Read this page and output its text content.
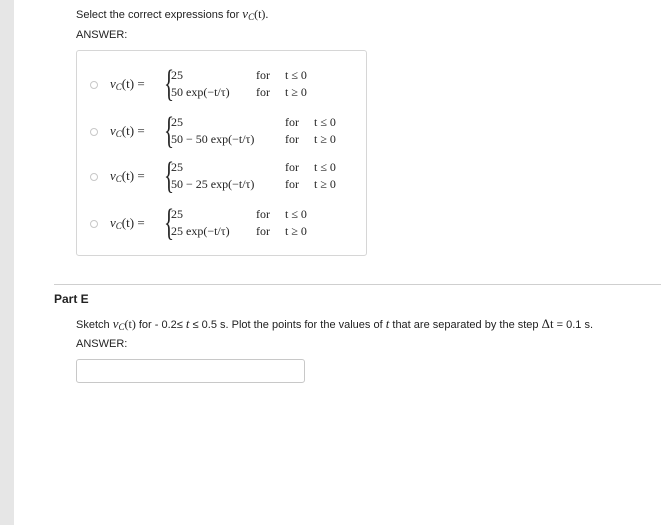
Select the correct expressions for vC(t).
ANSWER:
vC(t) = {
25
50 exp(−t/τ)
for
for
t ≤ 0
t ≥ 0
vC(t) = {
25
50 − 50 exp(−t/τ)
for
for
t ≤ 0
t ≥ 0
vC(t) = {
25
50 − 25 exp(−t/τ)
for
for
t ≤ 0
t ≥ 0
vC(t) = {
25
25 exp(−t/τ)
for
for
t ≤ 0
t ≥ 0
Part E
Sketch vC(t) for - 0.2≤ t ≤ 0.5 s. Plot the points for the values of t that are separated by the step Δt = 0.1 s.
ANSWER:
